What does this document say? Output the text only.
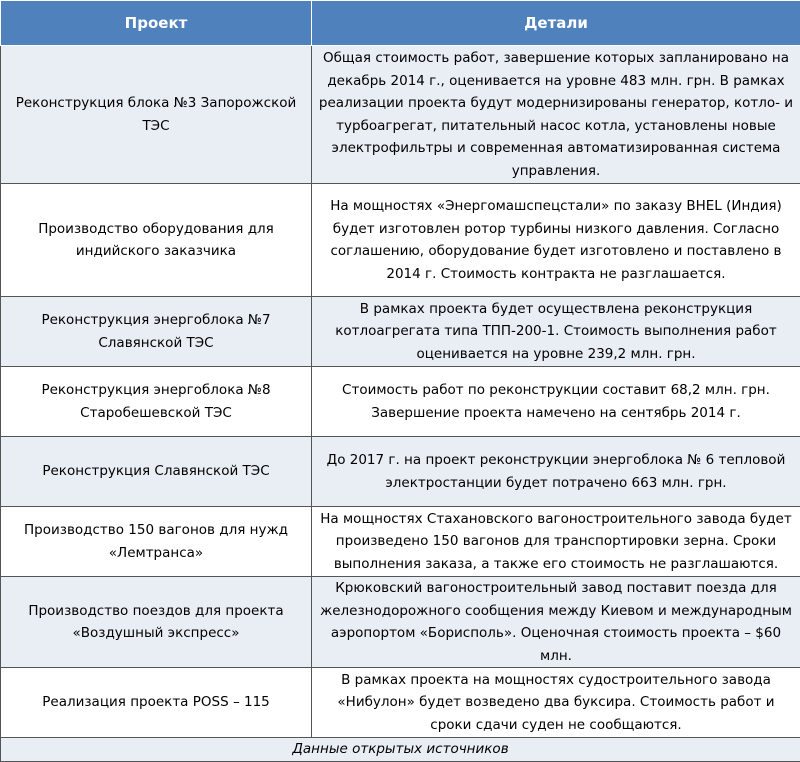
Проект	Детали
Реконструкция блока №3 Запорожской ТЭС	Общая стоимость работ, завершение которых запланировано на декабрь 2014 г., оценивается на уровне 483 млн. грн. В рамках реализации проекта будут модернизированы генератор, котло- и турбоагрегат, питательный насос котла, установлены новые электрофильтры и современная автоматизированная система управления.
Производство оборудования для индийского заказчика	На мощностях «Энергомашспецстали» по заказу BHEL (Индия) будет изготовлен ротор турбины низкого давления. Согласно соглашению, оборудование будет изготовлено и поставлено в 2014 г. Стоимость контракта не разглашается.
Реконструкция энергоблока №7 Славянской ТЭС	В рамках проекта будет осуществлена реконструкция котлоагрегата типа ТПП-200-1. Стоимость выполнения работ оценивается на уровне 239,2 млн. грн.
Реконструкция энергоблока №8 Старобешевской ТЭС	Стоимость работ по реконструкции составит 68,2 млн. грн. Завершение проекта намечено на сентябрь 2014 г.
Реконструкция Славянской ТЭС	До 2017 г. на проект реконструкции энергоблока № 6 тепловой электростанции будет потрачено 663 млн. грн.
Производство 150 вагонов для нужд «Лемтранса»	На мощностях Стахановского вагоностроительного завода будет произведено 150 вагонов для транспортировки зерна. Сроки выполнения заказа, а также его стоимость не разглашаются.
Производство поездов для проекта «Воздушный экспресс»	Крюковский вагоностроительный завод поставит поезда для железнодорожного сообщения между Киевом и международным аэропортом «Борисполь». Оценочная стоимость проекта – $60 млн.
Реализация проекта POSS – 115	В рамках проекта на мощностях судостроительного завода «Нибулон» будет возведено два буксира. Стоимость работ и сроки сдачи суден не сообщаются.
Данные открытых источников	
